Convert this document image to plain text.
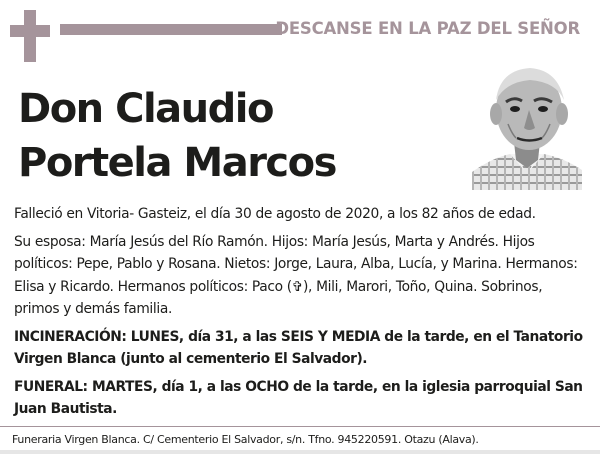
DESCANSE EN LA PAZ DEL SEÑOR
Don Claudio
Portela Marcos

Falleció en Vitoria- Gasteiz, el día 30 de agosto de 2020, a los 82 años de edad.

Su esposa: María Jesús del Río Ramón. Hijos: María Jesús, Marta y Andrés. Hijos políticos: Pepe, Pablo y Rosana. Nietos: Jorge, Laura, Alba, Lucía, y Marina. Hermanos: Elisa y Ricardo. Hermanos políticos: Paco (✞), Mili, Marori, Toño, Quina. Sobrinos, primos y demás familia.

INCINERACIÓN: LUNES, día 31, a las SEIS Y MEDIA de la tarde, en el Tanatorio Virgen Blanca (junto al cementerio El Salvador).

FUNERAL: MARTES, día 1, a las OCHO de la tarde, en la iglesia parroquial San Juan Bautista.

Funeraria Virgen Blanca. C/ Cementerio El Salvador, s/n. Tfno. 945220591. Otazu (Alava).
